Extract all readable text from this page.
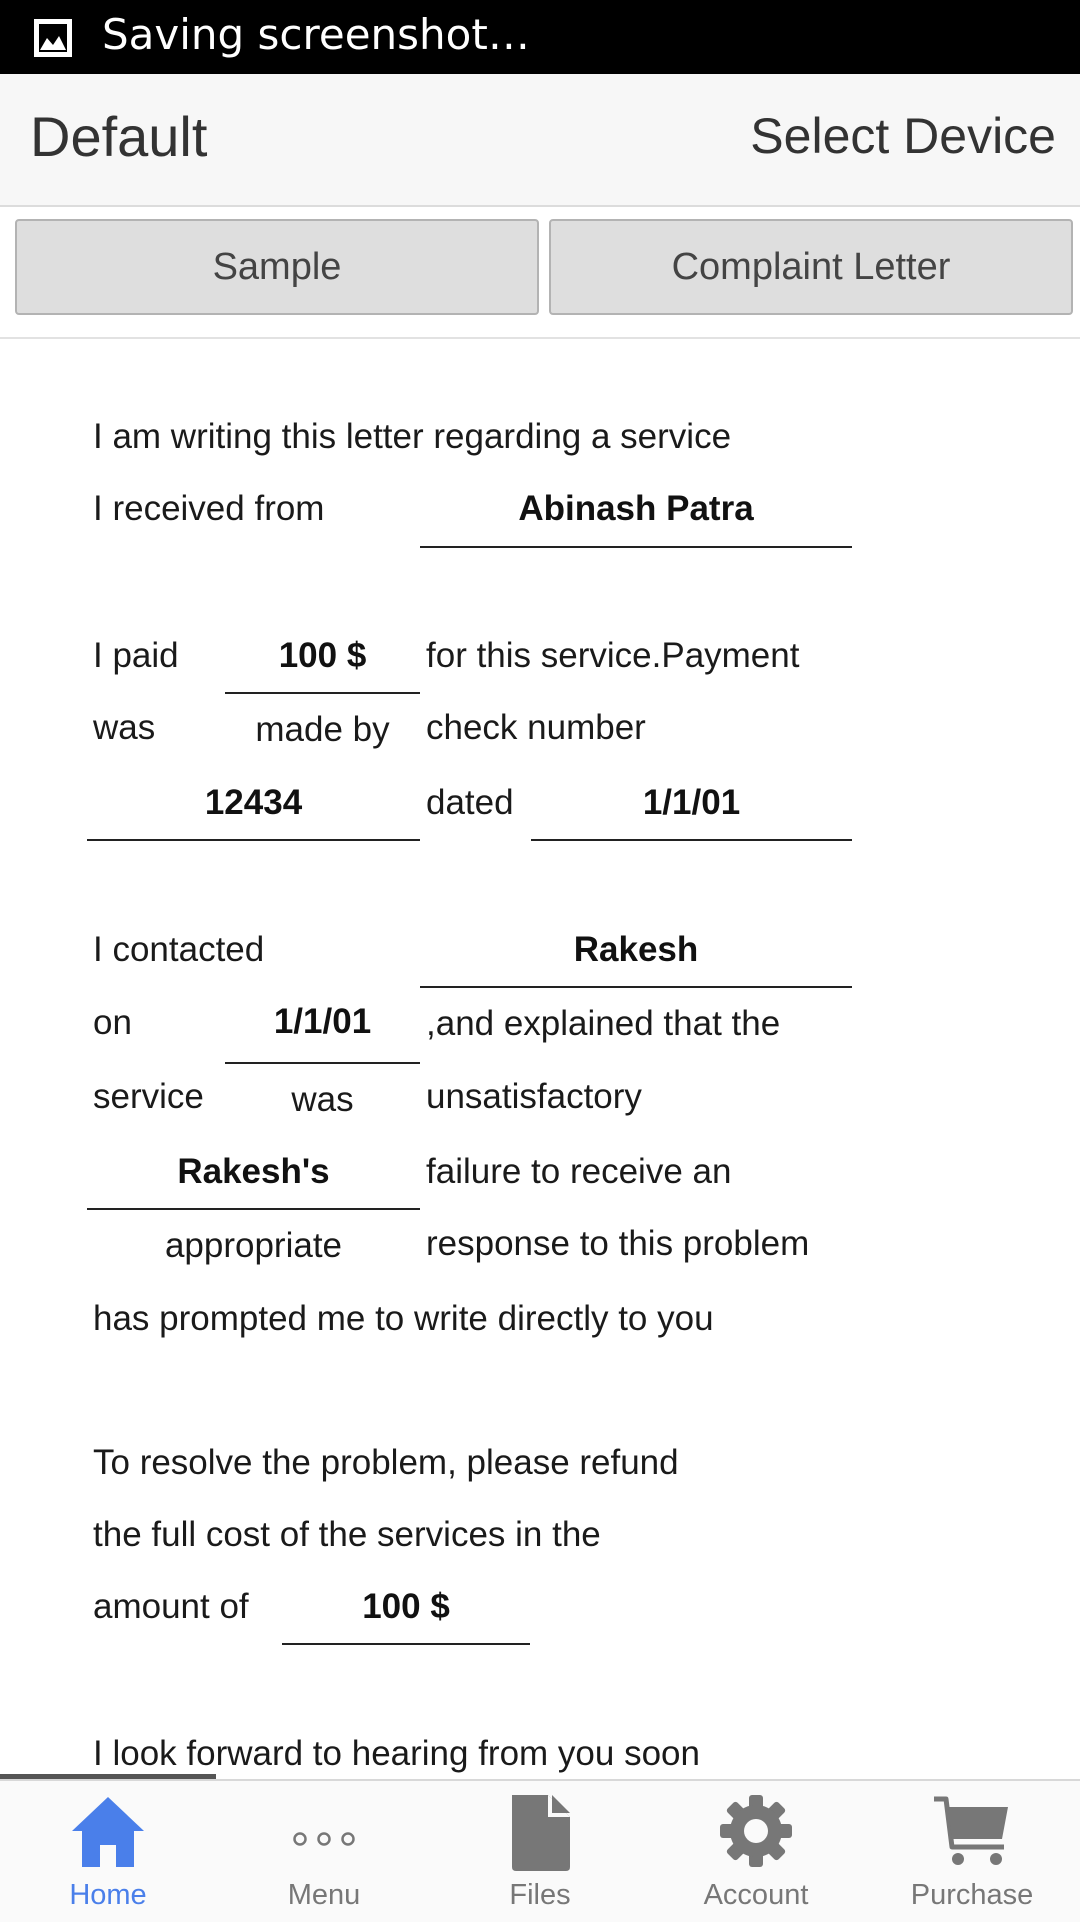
Saving screenshot…
Default	Select Device
Sample	Complaint Letter
I am writing this letter regarding a service
I received from	Abinash Patra
I paid	100 $	for this service.Payment
was	made by	check number
12434	dated	1/1/01
I contacted	Rakesh
on	1/1/01	,and explained that the
service	was	unsatisfactory
Rakesh's	failure to receive an
appropriate	response to this problem
has prompted me to write directly to you
To resolve the problem, please refund
the full cost of the services in the
amount of	100 $
I look forward to hearing from you soon
Home	Menu	Files	Account	Purchase
